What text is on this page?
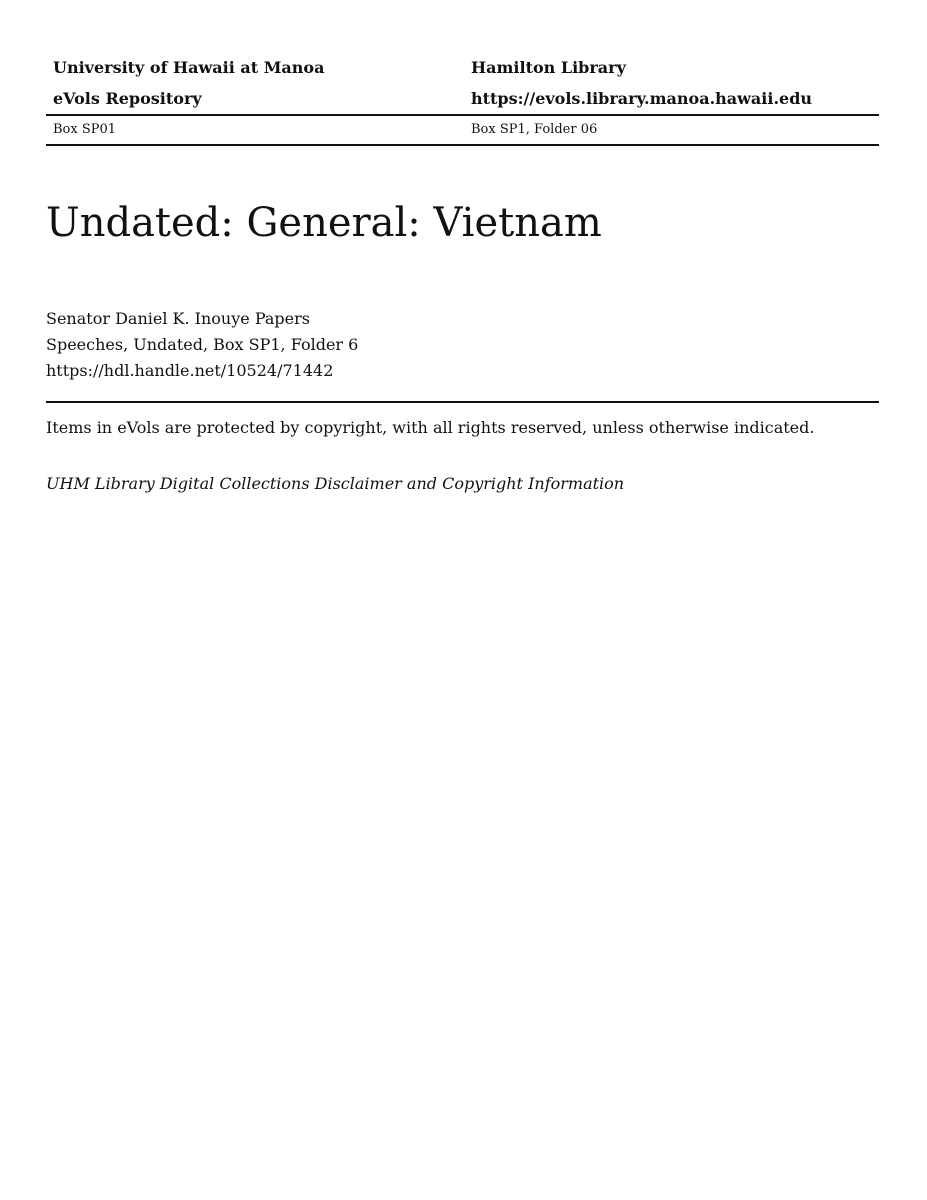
University of Hawaii at Manoa	Hamilton Library
eVols Repository	https://evols.library.manoa.hawaii.edu
Box SP01	Box SP1, Folder 06
Undated: General: Vietnam
Senator Daniel K. Inouye Papers
Speeches, Undated, Box SP1, Folder 6
https://hdl.handle.net/10524/71442
Items in eVols are protected by copyright, with all rights reserved, unless otherwise indicated.
UHM Library Digital Collections Disclaimer and Copyright Information
